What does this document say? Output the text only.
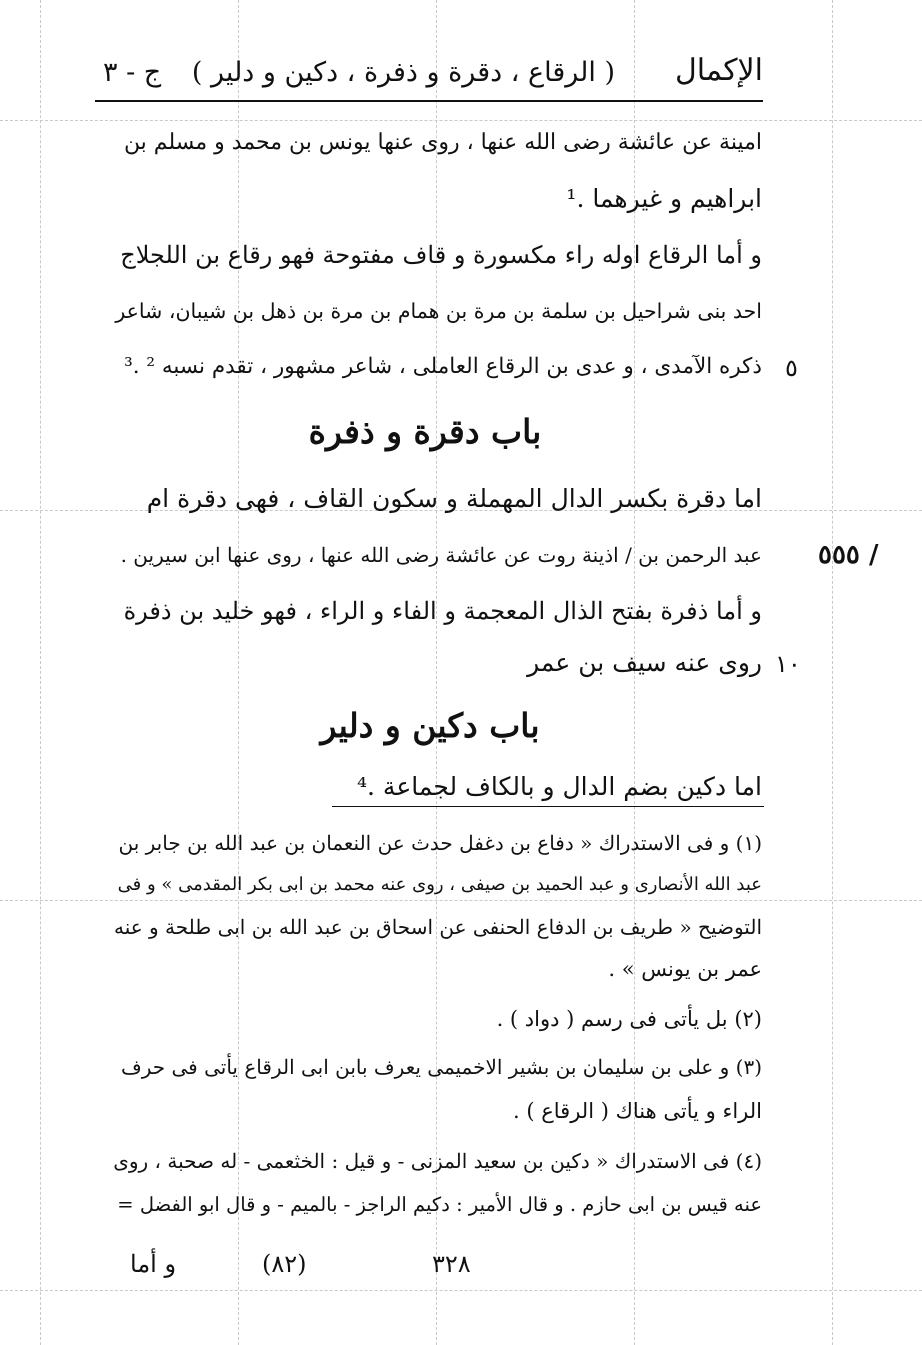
الإكمال
( الرقاع ، دقرة و ذفرة ، دكين و دلير )
ج - ٣
امينة عن عائشة رضى الله عنها ، روى عنها يونس بن محمد و مسلم بن
ابراهيم و غيرهما .¹
و أما الرقاع اوله راء مكسورة و قاف مفتوحة فهو رقاع بن اللجلاج
احد بنى شراحيل بن سلمة بن مرة بن همام بن مرة بن ذهل بن شيبان، شاعر
ذكره الآمدى ، و عدى بن الرقاع العاملى ، شاعر مشهور ، تقدم نسبه ² .³ ٥
باب دقرة و ذفرة
اما دقرة بكسر الدال المهملة و سكون القاف ، فهى دقرة ام
عبد الرحمن بن / اذينة روت عن عائشة رضى الله عنها ، روى عنها ابن سيرين . ٥٥٥ /
و أما ذفرة بفتح الذال المعجمة و الفاء و الراء ، فهو خليد بن ذفرة
روى عنه سيف بن عمر ١٠
باب دكين و دلير
اما دكين بضم الدال و بالكاف لجماعة .⁴
(١) و فى الاستدراك « دفاع بن دغفل حدث عن النعمان بن عبد الله بن جابر بن
عبد الله الأنصارى و عبد الحميد بن صيفى ، روى عنه محمد بن ابى بكر المقدمى » و فى
التوضيح « طريف بن الدفاع الحنفى عن اسحاق بن عبد الله بن ابى طلحة و عنه
عمر بن يونس » .
(٢) بل يأتى فى رسم ( دواد ) .
(٣) و على بن سليمان بن بشير الاخميمى يعرف بابن ابى الرقاع يأتى فى حرف
الراء و يأتى هناك ( الرقاع ) .
(٤) فى الاستدراك « دكين بن سعيد المزنى - و قيل : الخثعمى - له صحبة ، روى
عنه قيس بن ابى حازم . و قال الأمير : دكيم الراجز - بالميم - و قال ابو الفضل =
٣٢٨
(٨٢)
و أما
